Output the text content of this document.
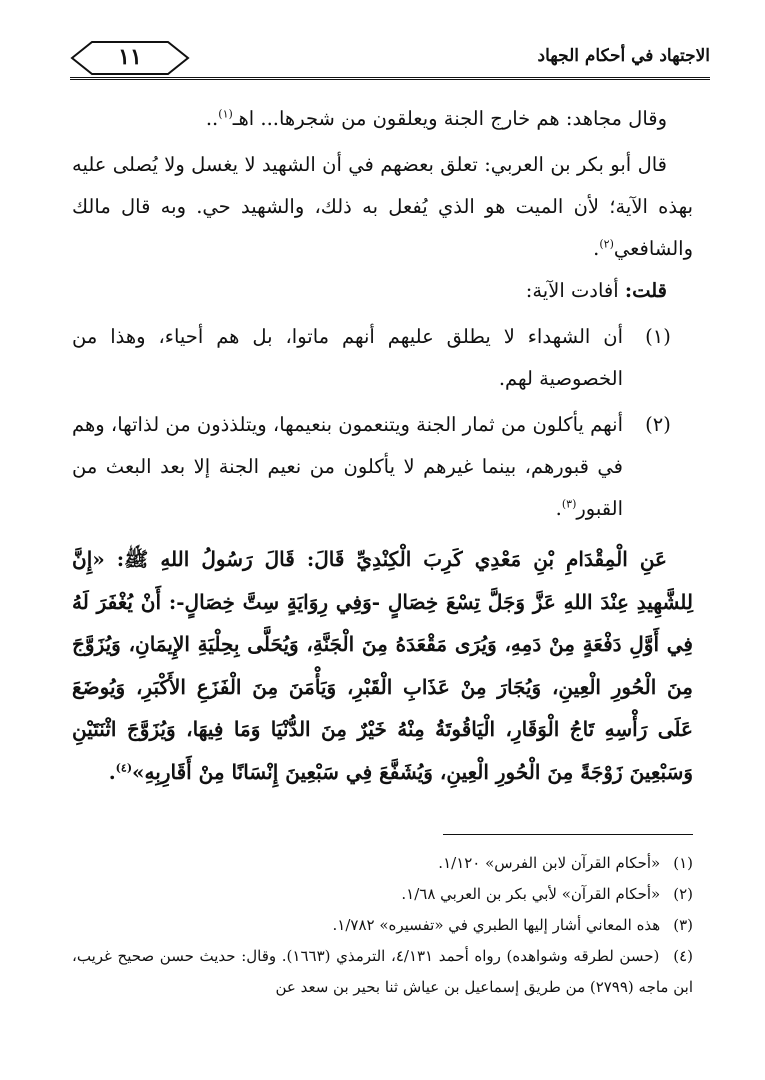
١١	الاجتهاد في أحكام الجهاد

وقال مجاهد: هم خارج الجنة ويعلقون من شجرها... اهـ$^{(١)}$..

قال أبو بكر بن العربي: تعلق بعضهم في أن الشهيد لا يغسل ولا يُصلى عليه بهذه الآية؛ لأن الميت هو الذي يُفعل به ذلك، والشهيد حي. وبه قال مالك والشافعي$^{(٢)}$.

قلت: أفادت الآية:

(١)
أن الشهداء لا يطلق عليهم أنهم ماتوا، بل هم أحياء، وهذا من الخصوصية لهم.
(٢)
أنهم يأكلون من ثمار الجنة ويتنعمون بنعيمها، ويتلذذون من لذاتها، وهم في قبورهم، بينما غيرهم لا يأكلون من نعيم الجنة إلا بعد البعث من القبور$^{(٣)}$.

عَنِ الْمِقْدَامِ بْنِ مَعْدِي كَرِبَ الْكِنْدِيِّ قَالَ: قَالَ رَسُولُ اللهِ ﷺ: «إِنَّ لِلشَّهِيدِ عِنْدَ اللهِ عَزَّ وَجَلَّ تِسْعَ خِصَالٍ -وَفِي رِوَايَةٍ سِتَّ خِصَالٍ-: أَنْ يُغْفَرَ لَهُ فِي أَوَّلِ دَفْعَةٍ مِنْ دَمِهِ، وَيُرَى مَقْعَدَهُ مِنَ الْجَنَّةِ، وَيُحَلَّى بِحِلْيَةِ الإِيمَانِ، وَيُزَوَّجَ مِنَ الْحُورِ الْعِينِ، وَيُجَارَ مِنْ عَذَابِ الْقَبْرِ، وَيَأْمَنَ مِنَ الْفَزَعِ الأَكْبَرِ، وَيُوضَعَ عَلَى رَأْسِهِ تَاجُ الْوَقَارِ، الْيَاقُوتَةُ مِنْهُ خَيْرٌ مِنَ الدُّنْيَا وَمَا فِيهَا، وَيُزَوَّجَ اثْنَتَيْنِ وَسَبْعِينَ زَوْجَةً مِنَ الْحُورِ الْعِينِ، وَيُشَفَّعَ فِي سَبْعِينَ إِنْسَانًا مِنْ أَقَارِبِهِ»$^{(٤)}$.

(١) «أحكام القرآن لابن الفرس» ١/١٢٠.

(٢) «أحكام القرآن» لأبي بكر بن العربي ١/٦٨.

(٣) هذه المعاني أشار إليها الطبري في «تفسيره» ١/٧٨٢.

(٤) (حسن لطرقه وشواهده) رواه أحمد ٤/١٣١، الترمذي (١٦٦٣). وقال: حديث حسن صحيح غريب، ابن ماجه (٢٧٩٩) من طريق إسماعيل بن عياش ثنا بحير بن سعد عن
